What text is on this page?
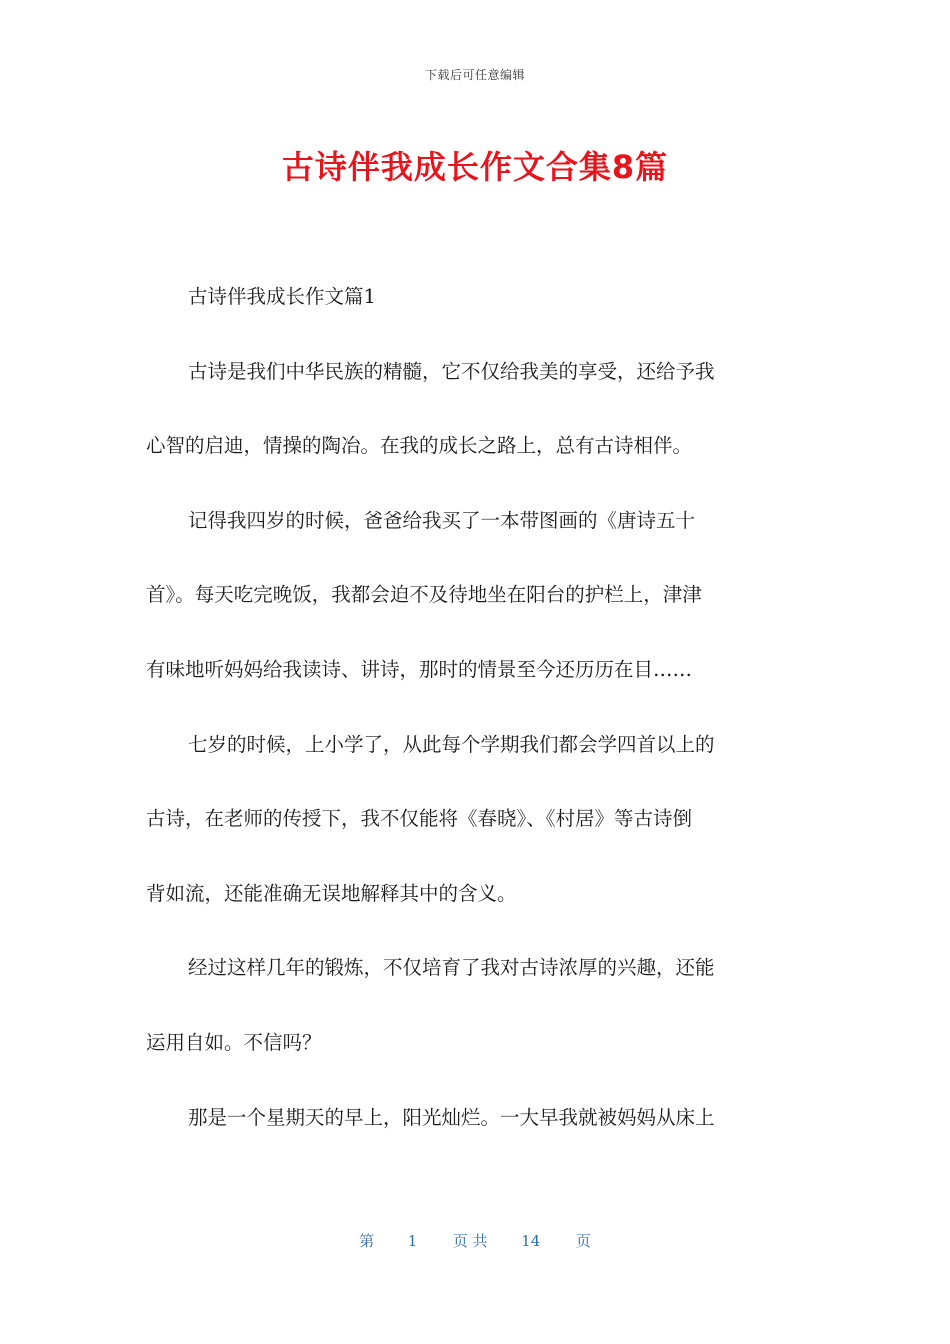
下载后可任意编辑
古诗伴我成长作文合集8篇
古诗伴我成长作文篇1
古诗是我们中华民族的精髓，它不仅给我美的享受，还给予我
心智的启迪，情操的陶冶。在我的成长之路上，总有古诗相伴。
记得我四岁的时候，爸爸给我买了一本带图画的《唐诗五十
首》。每天吃完晚饭，我都会迫不及待地坐在阳台的护栏上，津津
有味地听妈妈给我读诗、讲诗，那时的情景至今还历历在目……
七岁的时候，上小学了，从此每个学期我们都会学四首以上的
古诗，在老师的传授下，我不仅能将《春晓》、《村居》等古诗倒
背如流，还能准确无误地解释其中的含义。
经过这样几年的锻炼，不仅培育了我对古诗浓厚的兴趣，还能
运用自如。不信吗？
那是一个星期天的早上，阳光灿烂。一大早我就被妈妈从床上
第 1 页 共 14 页
